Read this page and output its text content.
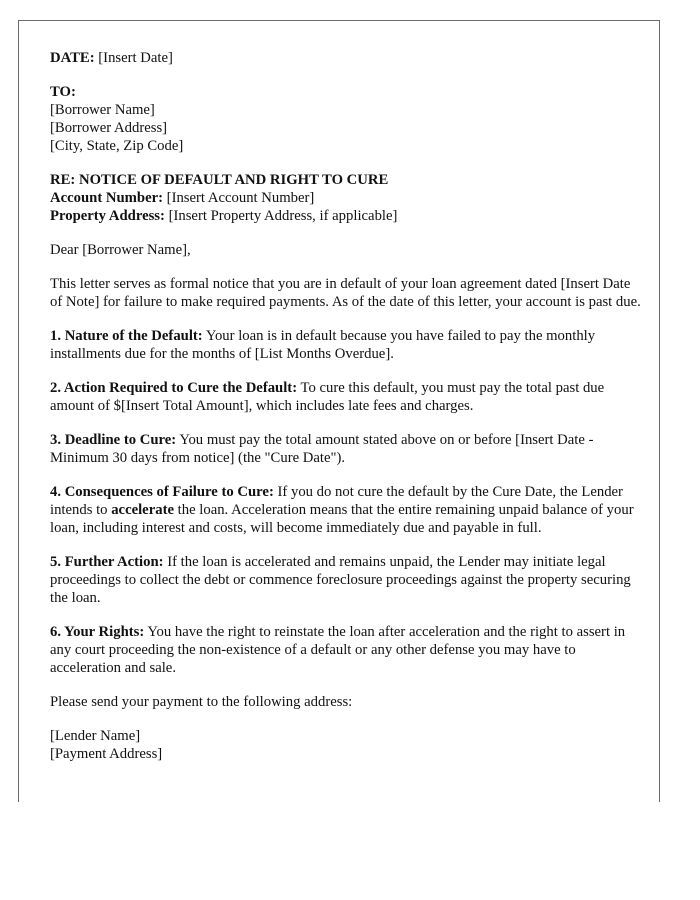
DATE: [Insert Date]

TO:
[Borrower Name]
[Borrower Address]
[City, State, Zip Code]
RE: NOTICE OF DEFAULT AND RIGHT TO CURE
Account Number: [Insert Account Number]
Property Address: [Insert Property Address, if applicable]

Dear [Borrower Name],

This letter serves as formal notice that you are in default of your loan agreement dated [Insert Date of Note] for failure to make required payments. As of the date of this letter, your account is past due.

1. Nature of the Default: Your loan is in default because you have failed to pay the monthly installments due for the months of [List Months Overdue].

2. Action Required to Cure the Default: To cure this default, you must pay the total past due amount of $[Insert Total Amount], which includes late fees and charges.

3. Deadline to Cure: You must pay the total amount stated above on or before [Insert Date - Minimum 30 days from notice] (the "Cure Date").

4. Consequences of Failure to Cure: If you do not cure the default by the Cure Date, the Lender intends to accelerate the loan. Acceleration means that the entire remaining unpaid balance of your loan, including interest and costs, will become immediately due and payable in full.

5. Further Action: If the loan is accelerated and remains unpaid, the Lender may initiate legal proceedings to collect the debt or commence foreclosure proceedings against the property securing the loan.

6. Your Rights: You have the right to reinstate the loan after acceleration and the right to assert in any court proceeding the non-existence of a default or any other defense you may have to acceleration and sale.

Please send your payment to the following address:

[Lender Name]
[Payment Address]
